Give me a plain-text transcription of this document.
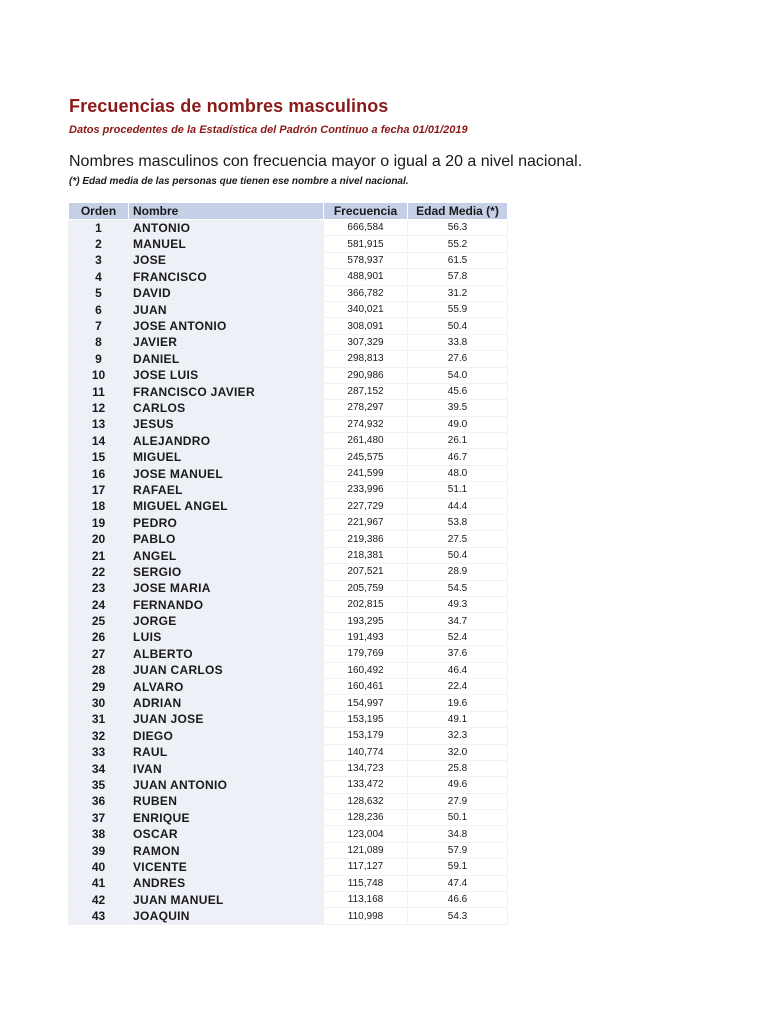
Frecuencias de nombres masculinos
Datos procedentes de la Estadística del Padrón Continuo a fecha 01/01/2019
Nombres masculinos con frecuencia mayor o igual a 20 a nivel nacional.
(*) Edad media de las personas que tienen ese nombre a nivel nacional.
Orden	Nombre	Frecuencia	Edad Media (*)
1	ANTONIO	666,584	56.3
2	MANUEL	581,915	55.2
3	JOSE	578,937	61.5
4	FRANCISCO	488,901	57.8
5	DAVID	366,782	31.2
6	JUAN	340,021	55.9
7	JOSE ANTONIO	308,091	50.4
8	JAVIER	307,329	33.8
9	DANIEL	298,813	27.6
10	JOSE LUIS	290,986	54.0
11	FRANCISCO JAVIER	287,152	45.6
12	CARLOS	278,297	39.5
13	JESUS	274,932	49.0
14	ALEJANDRO	261,480	26.1
15	MIGUEL	245,575	46.7
16	JOSE MANUEL	241,599	48.0
17	RAFAEL	233,996	51.1
18	MIGUEL ANGEL	227,729	44.4
19	PEDRO	221,967	53.8
20	PABLO	219,386	27.5
21	ANGEL	218,381	50.4
22	SERGIO	207,521	28.9
23	JOSE MARIA	205,759	54.5
24	FERNANDO	202,815	49.3
25	JORGE	193,295	34.7
26	LUIS	191,493	52.4
27	ALBERTO	179,769	37.6
28	JUAN CARLOS	160,492	46.4
29	ALVARO	160,461	22.4
30	ADRIAN	154,997	19.6
31	JUAN JOSE	153,195	49.1
32	DIEGO	153,179	32.3
33	RAUL	140,774	32.0
34	IVAN	134,723	25.8
35	JUAN ANTONIO	133,472	49.6
36	RUBEN	128,632	27.9
37	ENRIQUE	128,236	50.1
38	OSCAR	123,004	34.8
39	RAMON	121,089	57.9
40	VICENTE	117,127	59.1
41	ANDRES	115,748	47.4
42	JUAN MANUEL	113,168	46.6
43	JOAQUIN	110,998	54.3
